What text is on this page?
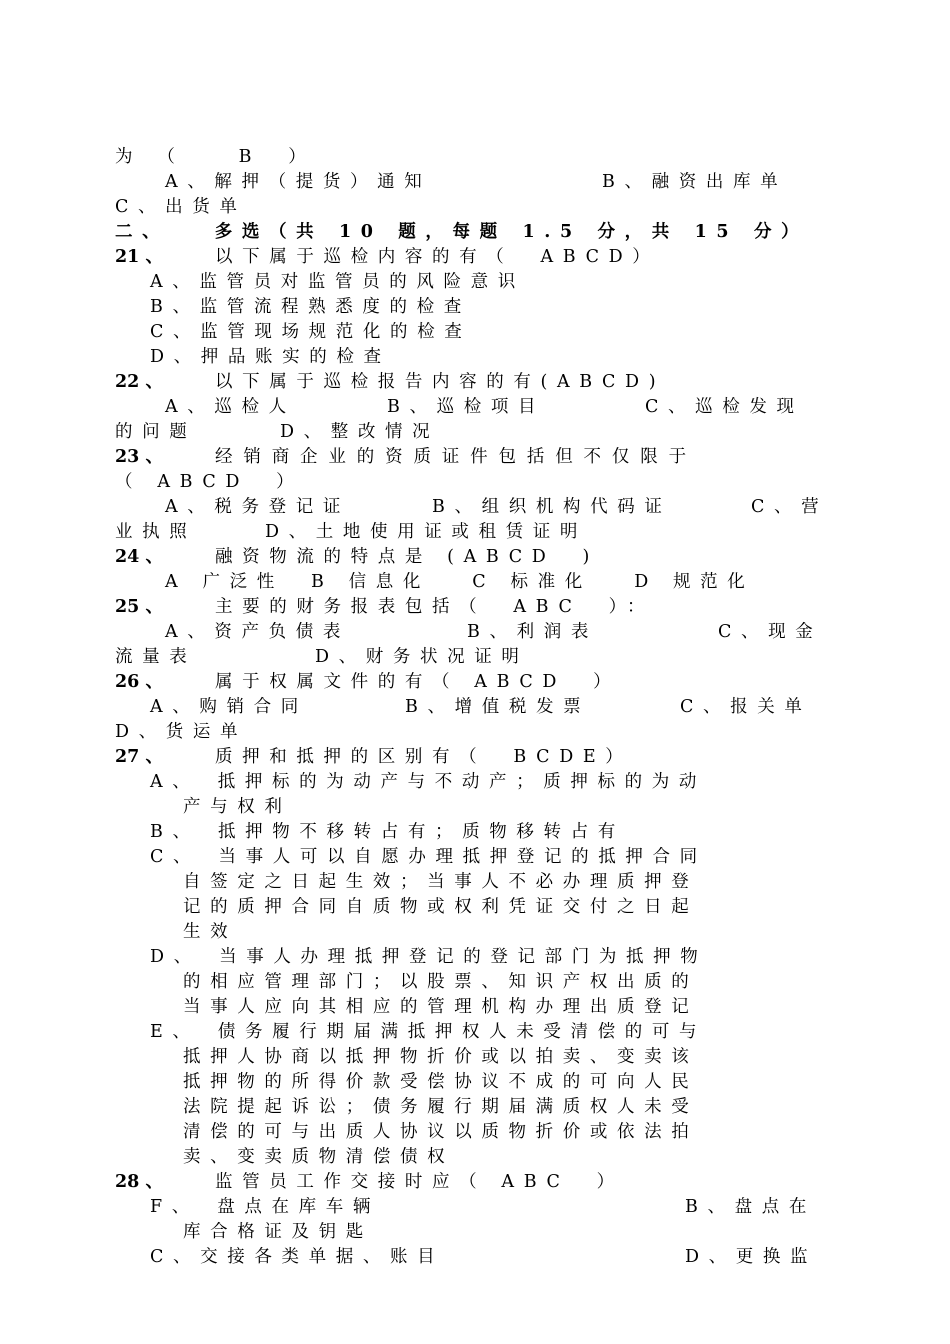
为 （　　B　）
A、解押（提货）通知	B、融资出库单
C、出货单
二、　　多选（共 10 题，每题 1.5 分，共 15 分）
21 、	以下属于巡检内容的有（　ABCD）
A、监管员对监管员的风险意识
B、监管流程熟悉度的检查
C、监管现场规范化的检查
D、押品账实的检查
22 、	以下属于巡检报告内容的有(ABCD)
A、巡检人	B、巡检项目	C、巡检发现
的问题	D、整改情况
23 、	经销商企业的资质证件包括但不仅限于
（ ABCD　）
A、税务登记证	B、组织机构代码证	C、营
业执照	D、土地使用证或租赁证明
24 、	融资物流的特点是 (ABCD　)
A 广泛性　B 信息化　 C 标准化　 D 规范化
25 、	主要的财务报表包括（　ABC　）：
A、资产负债表	B、利润表	C、现金
流量表	D、财务状况证明
26 、	属于权属文件的有（ ABCD　）
A、购销合同	B、增值税发票	C、报关单
D、货运单
27 、	质押和抵押的区别有（　BCDE）
A、　抵押标的为动产与不动产；质押标的为动
产与权利
B、　抵押物不移转占有；质物移转占有
C、　当事人可以自愿办理抵押登记的抵押合同
自签定之日起生效；当事人不必办理质押登
记的质押合同自质物或权利凭证交付之日起
生效
D、　当事人办理抵押登记的登记部门为抵押物
的相应管理部门；以股票、知识产权出质的
当事人应向其相应的管理机构办理出质登记
E、　债务履行期届满抵押权人未受清偿的可与
抵押人协商以抵押物折价或以拍卖、变卖该
抵押物的所得价款受偿协议不成的可向人民
法院提起诉讼；债务履行期届满质权人未受
清偿的可与出质人协议以质物折价或依法拍
卖、变卖质物清偿债权
28 、	监管员工作交接时应（ ABC　）
F、　盘点在库车辆	B、盘点在
库合格证及钥匙
C、交接各类单据、账目	D、更换监
